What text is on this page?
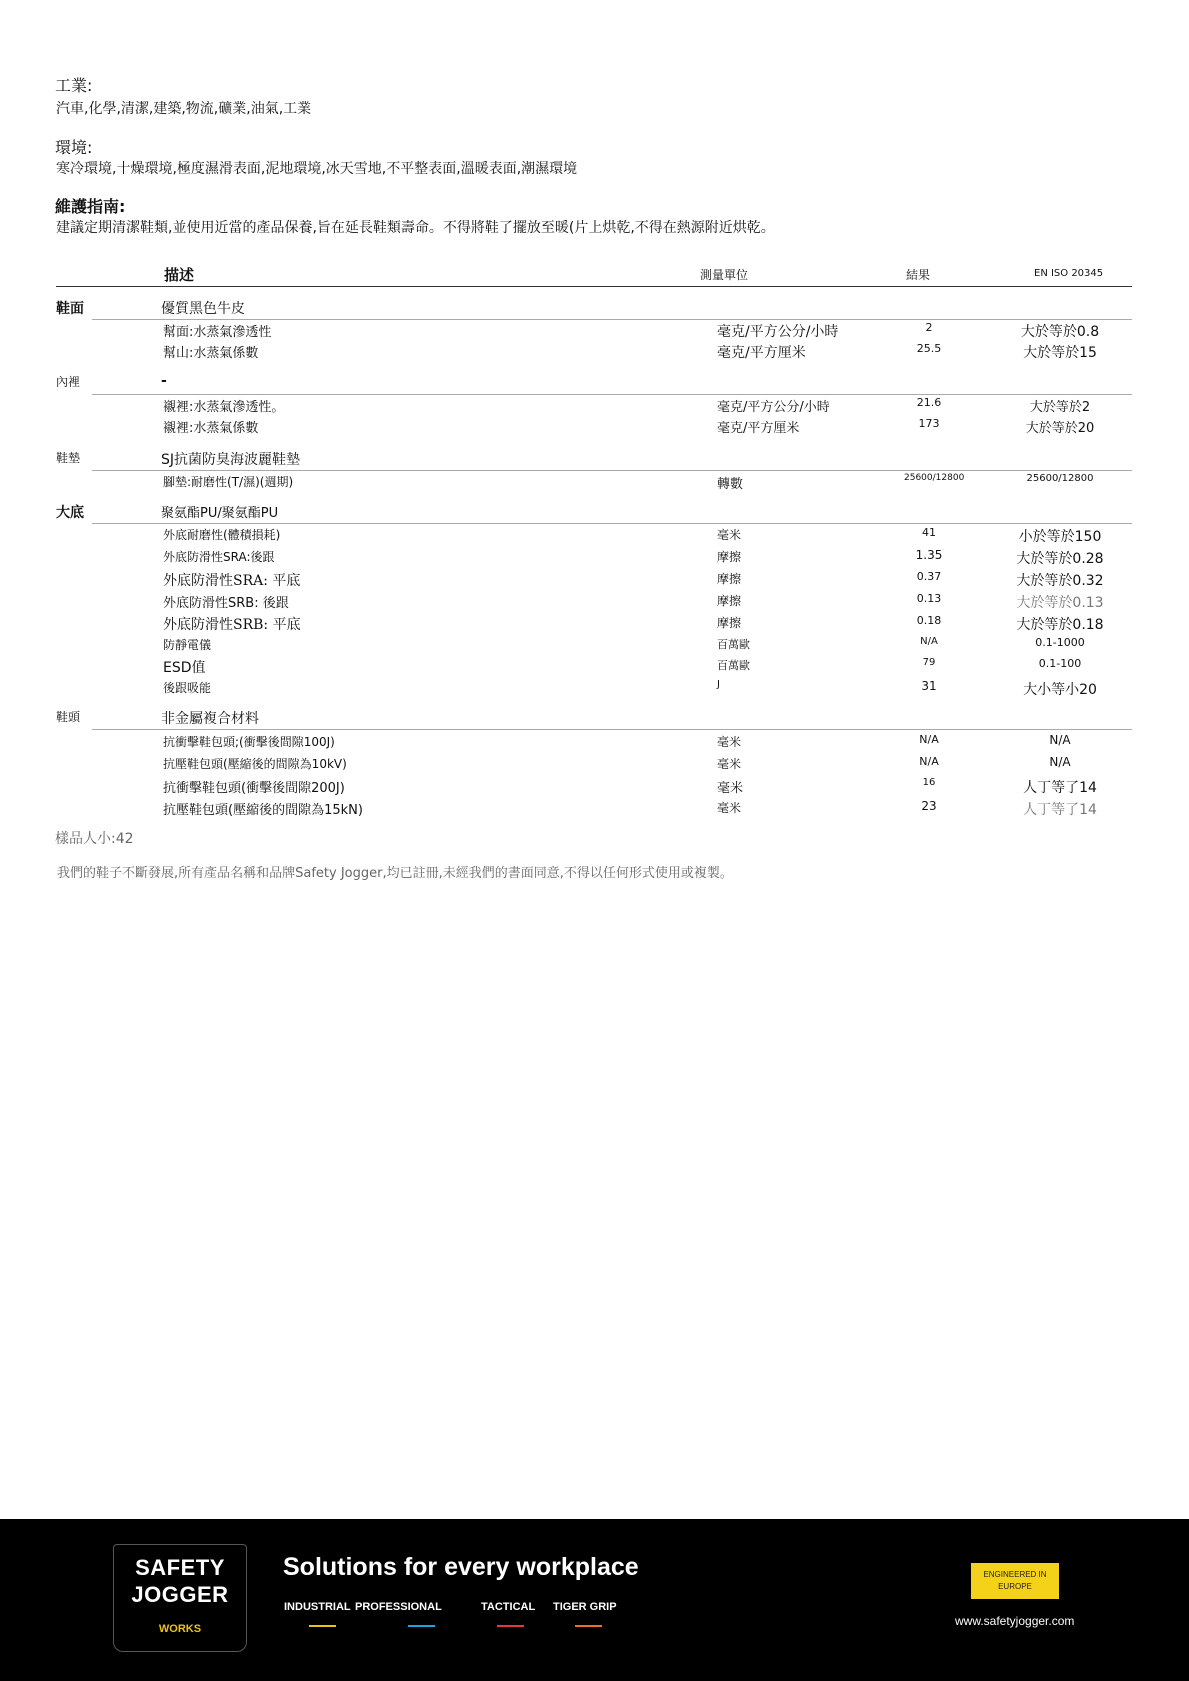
工業:
汽車,化學,清潔,建築,物流,礦業,油氣,工業
環境:
寒冷環境,十燥環境,極度濕滑表面,泥地環境,冰天雪地,不平整表面,溫暖表面,潮濕環境
維護指南:
建議定期清潔鞋類,並使用近當的產品保養,旨在延長鞋類壽命。不得將鞋了擺放至暖(片上烘乾,不得在熱源附近烘乾。
描述	測量單位	結果	EN ISO 20345
鞋面	優質黑色牛皮
幫面:水蒸氣滲透性	毫克/平方公分/小時	2	大於等於0.8
幫山:水蒸氣係數	毫克/平方厘米	25.5	大於等於15
內裡	-
襯裡:水蒸氣滲透性。	毫克/平方公分/小時	21.6	大於等於2
襯裡:水蒸氣係數	毫克/平方厘米	173	大於等於20
鞋墊	SJ抗菌防臭海波麗鞋墊
腳墊:耐磨性(T/濕)(週期)	轉數	25600/12800	25600/12800
大底	聚氨酯PU/聚氨酯PU
外底耐磨性(體積損耗)	毫米	41	小於等於150
外底防滑性SRA:後跟	摩擦	1.35	大於等於0.28
外底防滑性SRA: 平底	摩擦	0.37	大於等於0.32
外底防滑性SRB: 後跟	摩擦	0.13	大於等於0.13
外底防滑性SRB: 平底	摩擦	0.18	大於等於0.18
防靜電儀	百萬歐	N/A	0.1-1000
ESD值	百萬歐	79	0.1-100
後跟吸能	J	31	大小等小20
鞋頭	非金屬複合材料
抗衝擊鞋包頭;(衝擊後間隙100J)	毫米	N/A	N/A
抗壓鞋包頭(壓縮後的間隙為10kV)	毫米	N/A	N/A
抗衝擊鞋包頭(衝擊後間隙200J)	毫米	16	人丁等了14
抗壓鞋包頭(壓縮後的間隙為15kN)	毫米	23	人丁等了14
樣品人小:42
我們的鞋子不斷發展,所有產品名稱和品牌Safety Jogger,均已註冊,未經我們的書面同意,不得以任何形式使用或複製。
SAFETY
JOGGER
WORKS
Solutions for every workplace
INDUSTRIAL PROFESSIONAL	TACTICAL TIGER GRIP
ENGINEERED IN
EUROPE
www.safetyjogger.com
